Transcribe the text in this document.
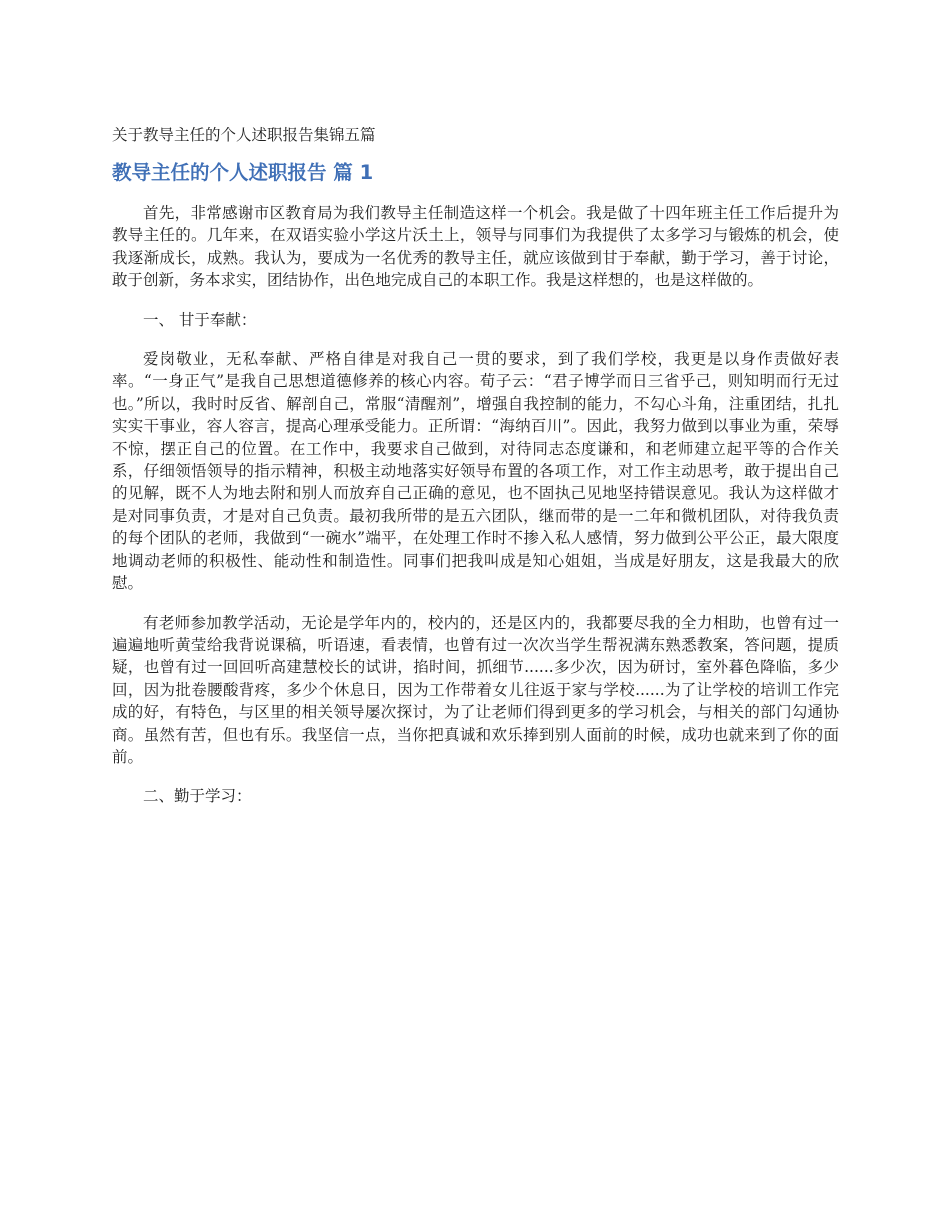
关于教导主任的个人述职报告集锦五篇
教导主任的个人述职报告 篇 1

首先，非常感谢市区教育局为我们教导主任制造这样一个机会。我是做了十四年班主任工作后提升为教导主任的。几年来，在双语实验小学这片沃土上，领导与同事们为我提供了太多学习与锻炼的机会，使我逐渐成长，成熟。我认为，要成为一名优秀的教导主任，就应该做到甘于奉献，勤于学习，善于讨论，敢于创新，务本求实，团结协作，出色地完成自己的本职工作。我是这样想的，也是这样做的。

一、 甘于奉献：

爱岗敬业，无私奉献、严格自律是对我自己一贯的要求，到了我们学校，我更是以身作责做好表率。“一身正气”是我自己思想道德修养的核心内容。荀子云：“君子博学而日三省乎己，则知明而行无过也。”所以，我时时反省、解剖自己，常服“清醒剂”，增强自我控制的能力，不勾心斗角，注重团结，扎扎实实干事业，容人容言，提高心理承受能力。正所谓：“海纳百川”。因此，我努力做到以事业为重，荣辱不惊，摆正自己的位置。在工作中，我要求自己做到，对待同志态度谦和，和老师建立起平等的合作关系，仔细领悟领导的指示精神，积极主动地落实好领导布置的各项工作，对工作主动思考，敢于提出自己的见解，既不人为地去附和别人而放弃自己正确的意见，也不固执己见地坚持错误意见。我认为这样做才是对同事负责，才是对自己负责。最初我所带的是五六团队，继而带的是一二年和微机团队，对待我负责的每个团队的老师，我做到“一碗水”端平，在处理工作时不掺入私人感情，努力做到公平公正，最大限度地调动老师的积极性、能动性和制造性。同事们把我叫成是知心姐姐，当成是好朋友，这是我最大的欣慰。

有老师参加教学活动，无论是学年内的，校内的，还是区内的，我都要尽我的全力相助，也曾有过一遍遍地听黄莹给我背说课稿，听语速，看表情，也曾有过一次次当学生帮祝满东熟悉教案，答问题，提质疑，也曾有过一回回听高建慧校长的试讲，掐时间，抓细节......多少次，因为研讨，室外暮色降临，多少回，因为批卷腰酸背疼，多少个休息日，因为工作带着女儿往返于家与学校......为了让学校的培训工作完成的好，有特色，与区里的相关领导屡次探讨，为了让老师们得到更多的学习机会，与相关的部门勾通协商。虽然有苦，但也有乐。我坚信一点，当你把真诚和欢乐捧到别人面前的时候，成功也就来到了你的面前。

二、勤于学习：
